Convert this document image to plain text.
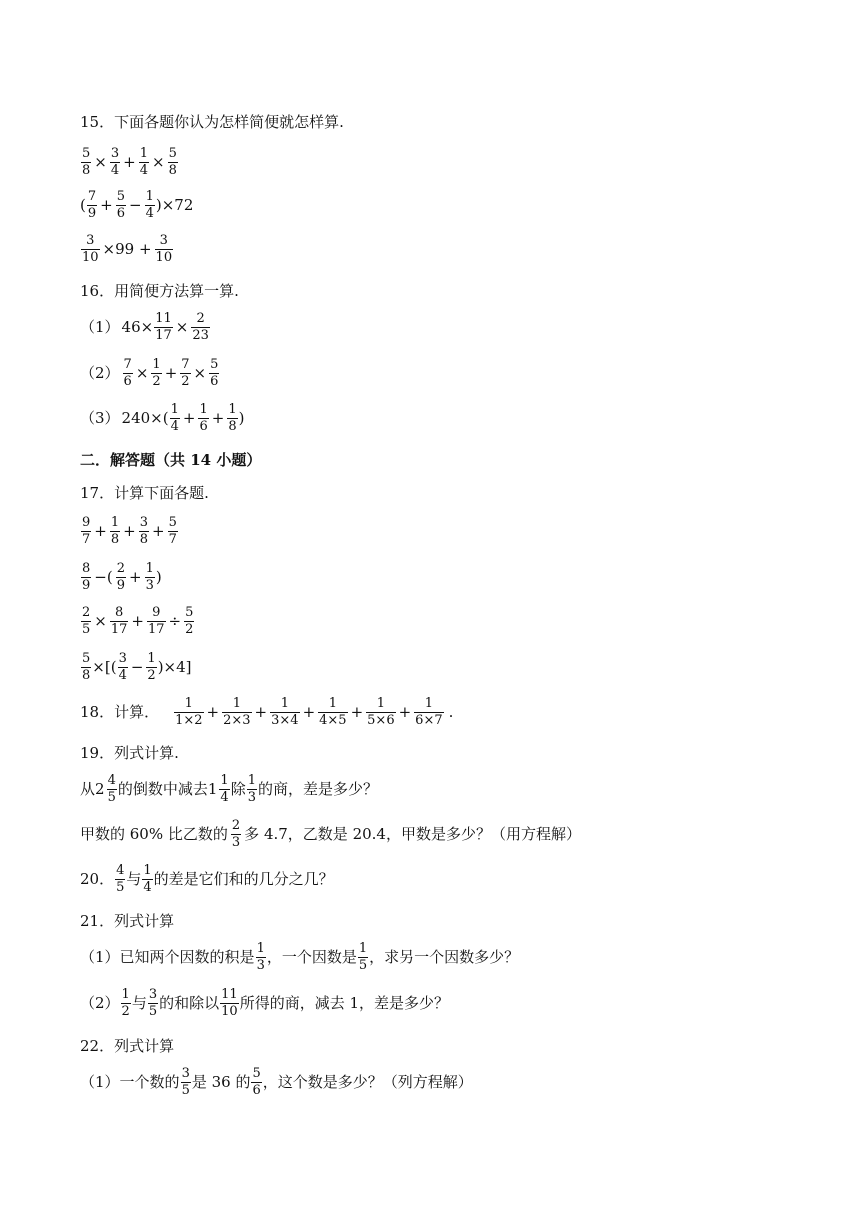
15．下面各题你认为怎样简便就怎样算.
$\frac{5}{8} \times \frac{3}{4} + \frac{1}{4} \times \frac{5}{8}$
( 7
$9 + \frac{5}{6} - \frac{1}{4} )\times 72$
$\frac{3}{10} \times 99 + \frac{3}{10}$
16．用简便方法算一算.
（1） $46\times \frac{11}{17} \times \frac{2}{23}$
$(2) \frac{7}{6} \times \frac{1}{2} + \frac{7}{2} \times \frac{5}{6}$
（3） 240×( 1
$4 + \frac{1}{6} + \frac{1}{8}$ )
二．解答题（共 14 小题）
17．计算下面各题.
9
$7 + \frac{1}{8} + \frac{3}{8} + \frac{5}{7}$
8
9 −( 2
$9 + \frac{1}{3}$ )
$\frac{2}{5} \times \frac{8}{17} + \frac{9}{17} \div \frac{5}{2}$
$\frac{5}{8}$ ×[( 3
$4 - \frac{1}{2} )\times 4$]
18．计算． 1
$1\times 2 + \frac{1}{2\times 3} + \frac{1}{3\times 4} + \frac{1}{4\times 5} + \frac{1}{5\times 6} + \frac{1}{6\times 7}$ .
19．列式计算.
从 2 4
5 的倒数中减去 1 1
4 除 1
3 的商，差是多少？
甲数的 60% 比乙数的 2
3 多 4.7，乙数是 20.4，甲数是多少？（用方程解）
20． 4
5 与 1
4 的差是它们和的几分之几？
21．列式计算
（1） 已知两个因数的积是 1
3 ，一个因数是 1
5 ，求另一个因数多少？
（2） 1
2 与 3
5 的和除以 11
10 所得的商，减去 1，差是多少？
22．列式计算
（1） 一个数的 3
5 是 36 的 5
6 ，这个数是多少？（列方程解）
